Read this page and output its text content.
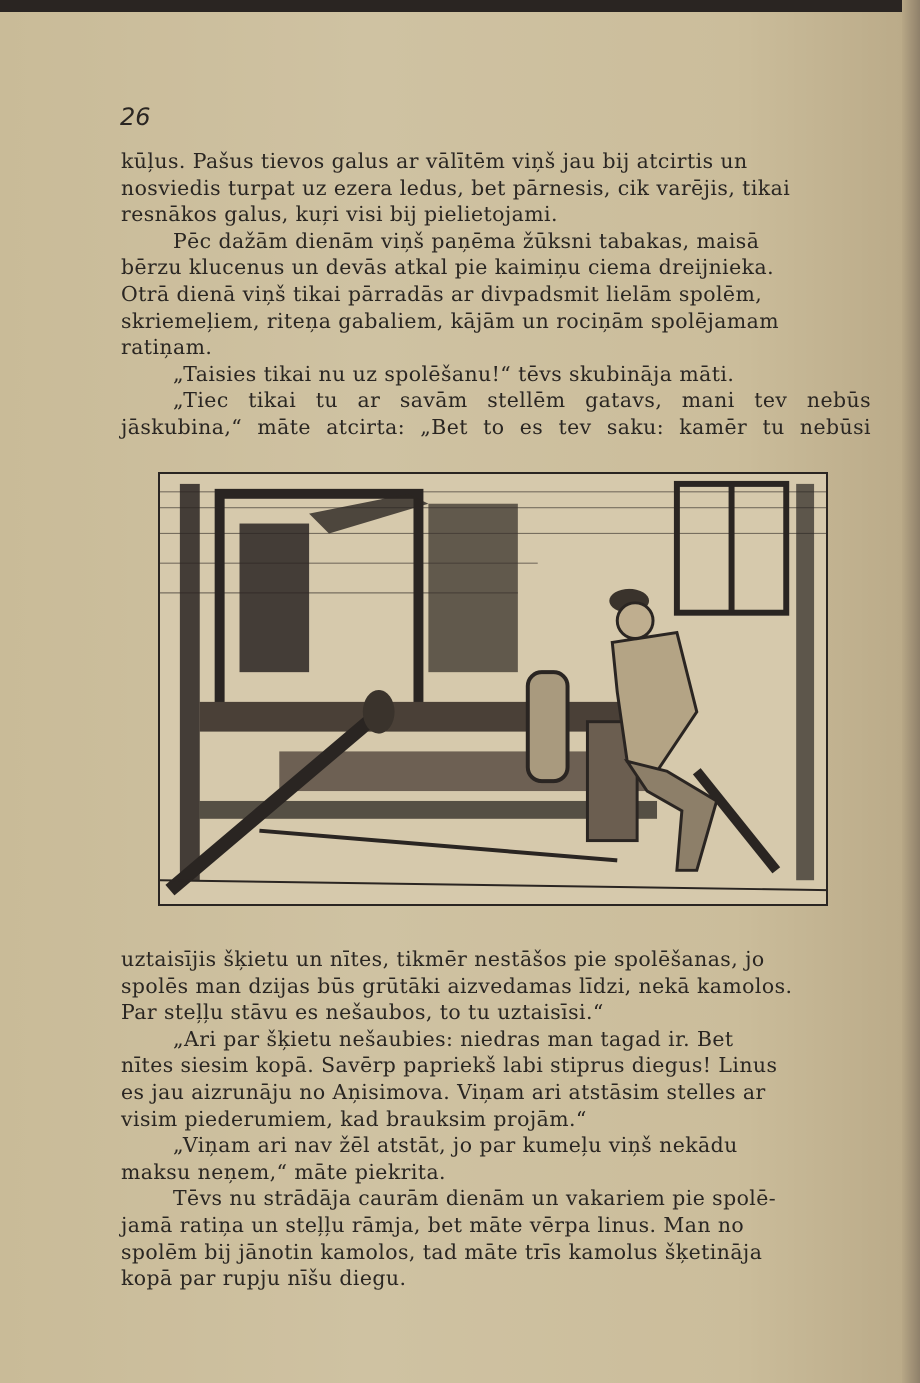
26

kūļus. Pašus tievos galus ar vālītēm viņš jau bij atcirtis un
nosviedis turpat uz ezera ledus, bet pārnesis, cik varējis, tikai
resnākos galus, kuŗi visi bij pielietojami.

Pēc dažām dienām viņš paņēma žūksni tabakas, maisā
bērzu klucenus un devās atkal pie kaimiņu ciema dreijnieka.
Otrā dienā viņš tikai pārradās ar divpadsmit lielām spolēm,
skriemeļiem, riteņa gabaliem, kājām un rociņām spolējamam
ratiņam.

„Taisies tikai nu uz spolēšanu!“ tēvs skubināja māti.

„Tiec tikai tu ar savām stellēm gatavs, mani tev nebūs
jāskubina,“ māte atcirta: „Bet to es tev saku: kamēr tu nebūsi

uztaisījis šķietu un nītes, tikmēr nestāšos pie spolēšanas, jo
spolēs man dzijas būs grūtāki aizvedamas līdzi, nekā kamolos.
Par steļļu stāvu es nešaubos, to tu uztaisīsi.“

„Ari par šķietu nešaubies: niedras man tagad ir. Bet
nītes siesim kopā. Savērp papriekš labi stiprus diegus! Linus
es jau aizrunāju no Aņisimova. Viņam ari atstāsim stelles ar
visim piederumiem, kad brauksim projām.“

„Viņam ari nav žēl atstāt, jo par kumeļu viņš nekādu
maksu neņem,“ māte piekrita.

Tēvs nu strādāja caurām dienām un vakariem pie spolē-
jamā ratiņa un steļļu rāmja, bet māte vērpa linus. Man no
spolēm bij jānotin kamolos, tad māte trīs kamolus šķetināja
kopā par rupju nīšu diegu.
